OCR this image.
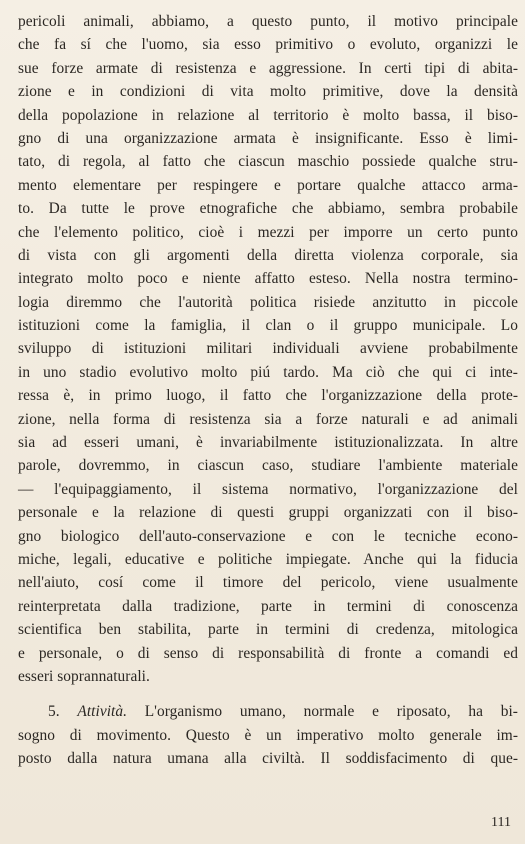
pericoli animali, abbiamo, a questo punto, il motivo principale
che fa sí che l'uomo, sia esso primitivo o evoluto, organizzi le
sue forze armate di resistenza e aggressione. In certi tipi di abita-
zione e in condizioni di vita molto primitive, dove la densità
della popolazione in relazione al territorio è molto bassa, il biso-
gno di una organizzazione armata è insignificante. Esso è limi-
tato, di regola, al fatto che ciascun maschio possiede qualche stru-
mento elementare per respingere e portare qualche attacco arma-
to. Da tutte le prove etnografiche che abbiamo, sembra probabile
che l'elemento politico, cioè i mezzi per imporre un certo punto
di vista con gli argomenti della diretta violenza corporale, sia
integrato molto poco e niente affatto esteso. Nella nostra termino-
logia diremmo che l'autorità politica risiede anzitutto in piccole
istituzioni come la famiglia, il clan o il gruppo municipale. Lo
sviluppo di istituzioni militari individuali avviene probabilmente
in uno stadio evolutivo molto piú tardo. Ma ciò che qui ci inte-
ressa è, in primo luogo, il fatto che l'organizzazione della prote-
zione, nella forma di resistenza sia a forze naturali e ad animali
sia ad esseri umani, è invariabilmente istituzionalizzata. In altre
parole, dovremmo, in ciascun caso, studiare l'ambiente materiale
— l'equipaggiamento, il sistema normativo, l'organizzazione del
personale e la relazione di questi gruppi organizzati con il biso-
gno biologico dell'auto-conservazione e con le tecniche econo-
miche, legali, educative e politiche impiegate. Anche qui la fiducia
nell'aiuto, cosí come il timore del pericolo, viene usualmente
reinterpretata dalla tradizione, parte in termini di conoscenza
scientifica ben stabilita, parte in termini di credenza, mitologica
e personale, o di senso di responsabilità di fronte a comandi ed
esseri soprannaturali.
5. Attività. L'organismo umano, normale e riposato, ha bi-
sogno di movimento. Questo è un imperativo molto generale im-
posto dalla natura umana alla civiltà. Il soddisfacimento di que-
111
